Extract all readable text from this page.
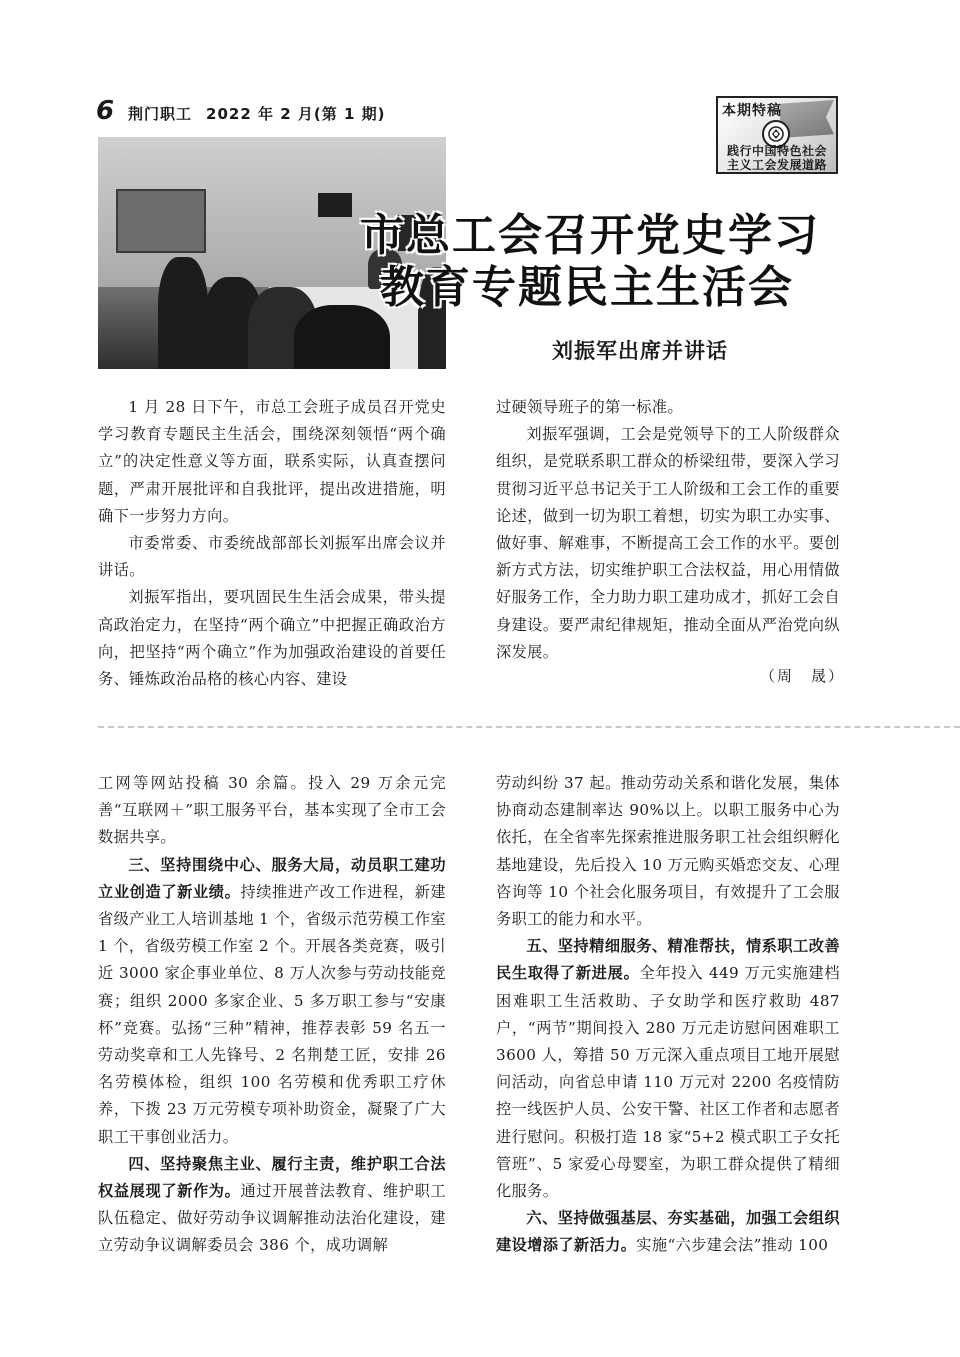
6 荆门职工 2022 年 2 月(第 1 期)	本期特稿
践行中国特色社会
主义工会发展道路
市总工会召开党史学习
教育专题民主生活会
刘振军出席并讲话

1 月 28 日下午，市总工会班子成员召开党史学习教育专题民主生活会，围绕深刻领悟“两个确立”的决定性意义等方面，联系实际，认真查摆问题，严肃开展批评和自我批评，提出改进措施，明确下一步努力方向。

市委常委、市委统战部部长刘振军出席会议并讲话。

刘振军指出，要巩固民生生活会成果，带头提高政治定力，在坚持“两个确立”中把握正确政治方向，把坚持“两个确立”作为加强政治建设的首要任务、锤炼政治品格的核心内容、建设

过硬领导班子的第一标准。

刘振军强调，工会是党领导下的工人阶级群众组织，是党联系职工群众的桥梁纽带，要深入学习贯彻习近平总书记关于工人阶级和工会工作的重要论述，做到一切为职工着想，切实为职工办实事、做好事、解难事，不断提高工会工作的水平。要创新方式方法，切实维护职工合法权益，用心用情做好服务工作，全力助力职工建功成才，抓好工会自身建设。要严肃纪律规矩，推动全面从严治党向纵深发展。

（周　晟）

工网等网站投稿 30 余篇。投入 29 万余元完善“互联网＋”职工服务平台，基本实现了全市工会数据共享。

三、坚持围绕中心、服务大局，动员职工建功立业创造了新业绩。持续推进产改工作进程，新建省级产业工人培训基地 1 个，省级示范劳模工作室 1 个，省级劳模工作室 2 个。开展各类竞赛，吸引近 3000 家企事业单位、8 万人次参与劳动技能竞赛；组织 2000 多家企业、5 多万职工参与“安康杯”竞赛。弘扬“三种”精神，推荐表彰 59 名五一劳动奖章和工人先锋号、2 名荆楚工匠，安排 26 名劳模体检，组织 100 名劳模和优秀职工疗休养，下拨 23 万元劳模专项补助资金，凝聚了广大职工干事创业活力。

四、坚持聚焦主业、履行主责，维护职工合法权益展现了新作为。通过开展普法教育、维护职工队伍稳定、做好劳动争议调解推动法治化建设，建立劳动争议调解委员会 386 个，成功调解

劳动纠纷 37 起。推动劳动关系和谐化发展，集体协商动态建制率达 90%以上。以职工服务中心为依托，在全省率先探索推进服务职工社会组织孵化基地建设，先后投入 10 万元购买婚恋交友、心理咨询等 10 个社会化服务项目，有效提升了工会服务职工的能力和水平。

五、坚持精细服务、精准帮扶，情系职工改善民生取得了新进展。全年投入 449 万元实施建档困难职工生活救助、子女助学和医疗救助 487 户，“两节”期间投入 280 万元走访慰问困难职工 3600 人，筹措 50 万元深入重点项目工地开展慰问活动，向省总申请 110 万元对 2200 名疫情防控一线医护人员、公安干警、社区工作者和志愿者进行慰问。积极打造 18 家“5+2 模式职工子女托管班”、5 家爱心母婴室，为职工群众提供了精细化服务。

六、坚持做强基层、夯实基础，加强工会组织建设增添了新活力。实施“六步建会法”推动 100
